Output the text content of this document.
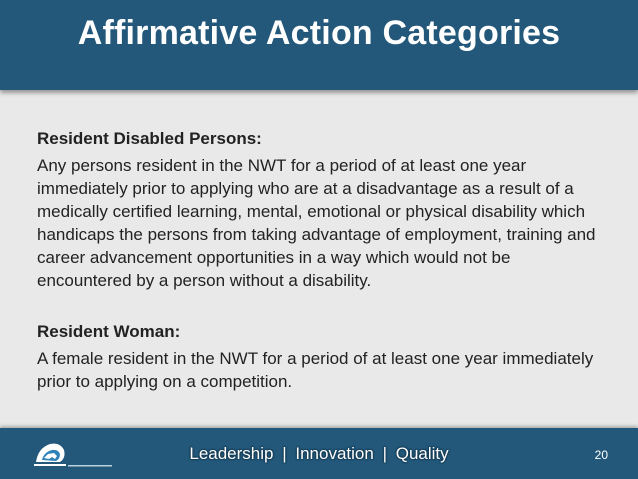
Affirmative Action Categories
Resident Disabled Persons:

Any persons resident in the NWT for a period of at least one year immediately prior to applying who are at a disadvantage as a result of a medically certified learning, mental, emotional or physical disability which handicaps the persons from taking advantage of employment, training and career advancement opportunities in a way which would not be encountered by a person without a disability.

Resident Woman:

A female resident in the NWT for a period of at least one year immediately prior to applying on a competition.

Leadership | Innovation | Quality	20
